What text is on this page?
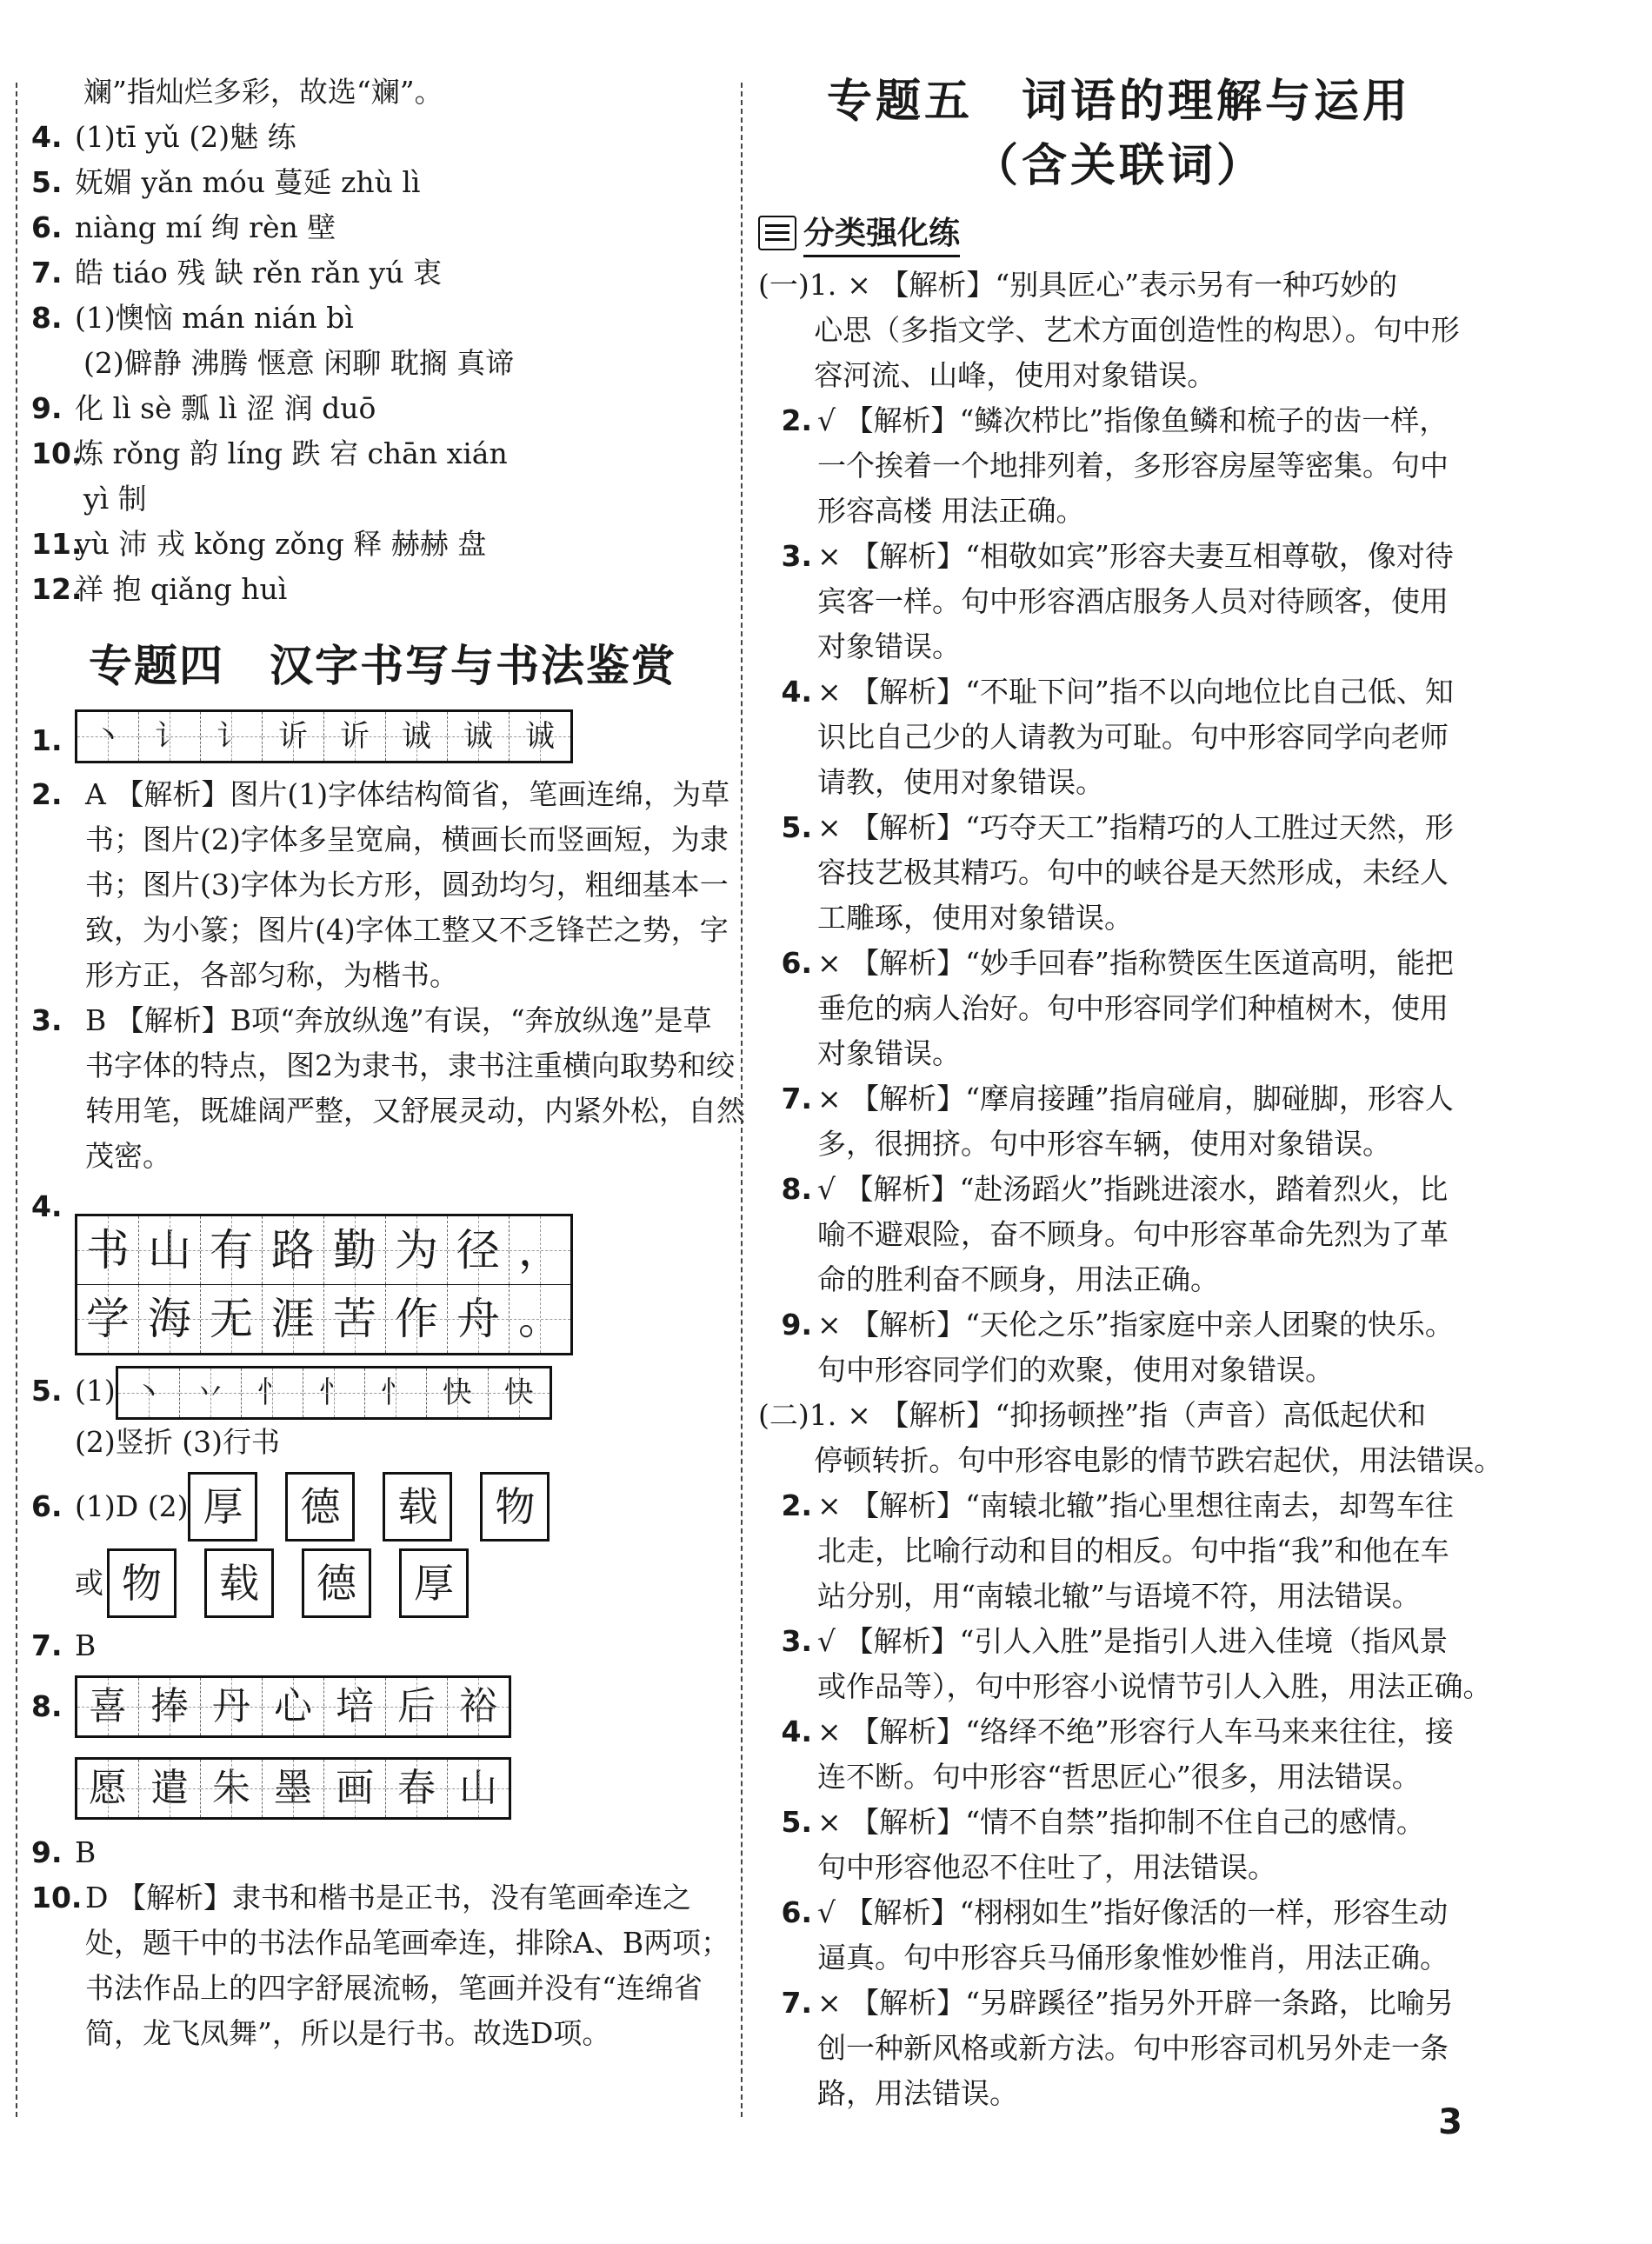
斓”指灿烂多彩，故选“斓”。
4. (1)tī yǔ (2)魅 练
5. 妩媚 yǎn móu 蔓延 zhù lì
6. niàng mí 绚 rèn 壁
7. 皓 tiáo 残 缺 rěn rǎn yú 衷
8. (1)懊恼 mán nián bì
(2)僻静 沸腾 惬意 闲聊 耽搁 真谛
9. 化 lì sè 瓢 lì 涩 润 duō
10.炼 rǒng 韵 líng 跌 宕 chān xián
yì 制
11.yù 沛 戎 kǒng zǒng 释 赫赫 盘
12.祥 抱 qiǎng huì
专题四　汉字书写与书法鉴赏
1.	丶	讠	讠	䜣	䜣	诚	诚	诚
2. A 【解析】图片(1)字体结构简省，笔画连绵，为草
书；图片(2)字体多呈宽扁，横画长而竖画短，为隶
书；图片(3)字体为长方形，圆劲均匀，粗细基本一
致，为小篆；图片(4)字体工整又不乏锋芒之势，字
形方正，各部匀称，为楷书。
3. B 【解析】B项“奔放纵逸”有误，“奔放纵逸”是草
书字体的特点，图2为隶书，隶书注重横向取势和绞
转用笔，既雄阔严整，又舒展灵动，内紧外松，自然
茂密。
4.
书 山 有 路 勤 为 径 ，
学 海 无 涯 苦 作 舟 。
5. (1) 丶	丷	忄	忄	忄	快	快
(2)竖折 (3)行书
6. (1)D (2) 厚	德	载	物
或 物	载	德	厚
7. B
8. 喜 捧 丹 心 培 后 裕
愿 遣 朱 墨 画 春 山
9. B
10. D 【解析】隶书和楷书是正书，没有笔画牵连之
处，题干中的书法作品笔画牵连，排除A、B两项；
书法作品上的四字舒展流畅，笔画并没有“连绵省
简，龙飞凤舞”，所以是行书。故选D项。
专题五　词语的理解与运用
（含关联词）
分类强化练
(一)1. × 【解析】“别具匠心”表示另有一种巧妙的
心思（多指文学、艺术方面创造性的构思）。句中形
容河流、山峰，使用对象错误。
2. √ 【解析】“鳞次栉比”指像鱼鳞和梳子的齿一样，
一个挨着一个地排列着，多形容房屋等密集。句中
形容高楼 用法正确。
3. × 【解析】“相敬如宾”形容夫妻互相尊敬，像对待
宾客一样。句中形容酒店服务人员对待顾客，使用
对象错误。
4. × 【解析】“不耻下问”指不以向地位比自己低、知
识比自己少的人请教为可耻。句中形容同学向老师
请教，使用对象错误。
5. × 【解析】“巧夺天工”指精巧的人工胜过天然，形
容技艺极其精巧。句中的峡谷是天然形成，未经人
工雕琢，使用对象错误。
6. × 【解析】“妙手回春”指称赞医生医道高明，能把
垂危的病人治好。句中形容同学们种植树木，使用
对象错误。
7. × 【解析】“摩肩接踵”指肩碰肩，脚碰脚，形容人
多，很拥挤。句中形容车辆，使用对象错误。
8. √ 【解析】“赴汤蹈火”指跳进滚水，踏着烈火，比
喻不避艰险，奋不顾身。句中形容革命先烈为了革
命的胜利奋不顾身，用法正确。
9. × 【解析】“天伦之乐”指家庭中亲人团聚的快乐。
句中形容同学们的欢聚，使用对象错误。
(二)1. × 【解析】“抑扬顿挫”指（声音）高低起伏和
停顿转折。句中形容电影的情节跌宕起伏，用法错误。
2. × 【解析】“南辕北辙”指心里想往南去，却驾车往
北走，比喻行动和目的相反。句中指“我”和他在车
站分别，用“南辕北辙”与语境不符，用法错误。
3. √ 【解析】“引人入胜”是指引人进入佳境（指风景
或作品等），句中形容小说情节引人入胜，用法正确。
4. × 【解析】“络绎不绝”形容行人车马来来往往，接
连不断。句中形容“哲思匠心”很多，用法错误。
5. × 【解析】“情不自禁”指抑制不住自己的感情。
句中形容他忍不住吐了，用法错误。
6. √ 【解析】“栩栩如生”指好像活的一样，形容生动
逼真。句中形容兵马俑形象惟妙惟肖，用法正确。
7. × 【解析】“另辟蹊径”指另外开辟一条路，比喻另
创一种新风格或新方法。句中形容司机另外走一条
路，用法错误。
3
